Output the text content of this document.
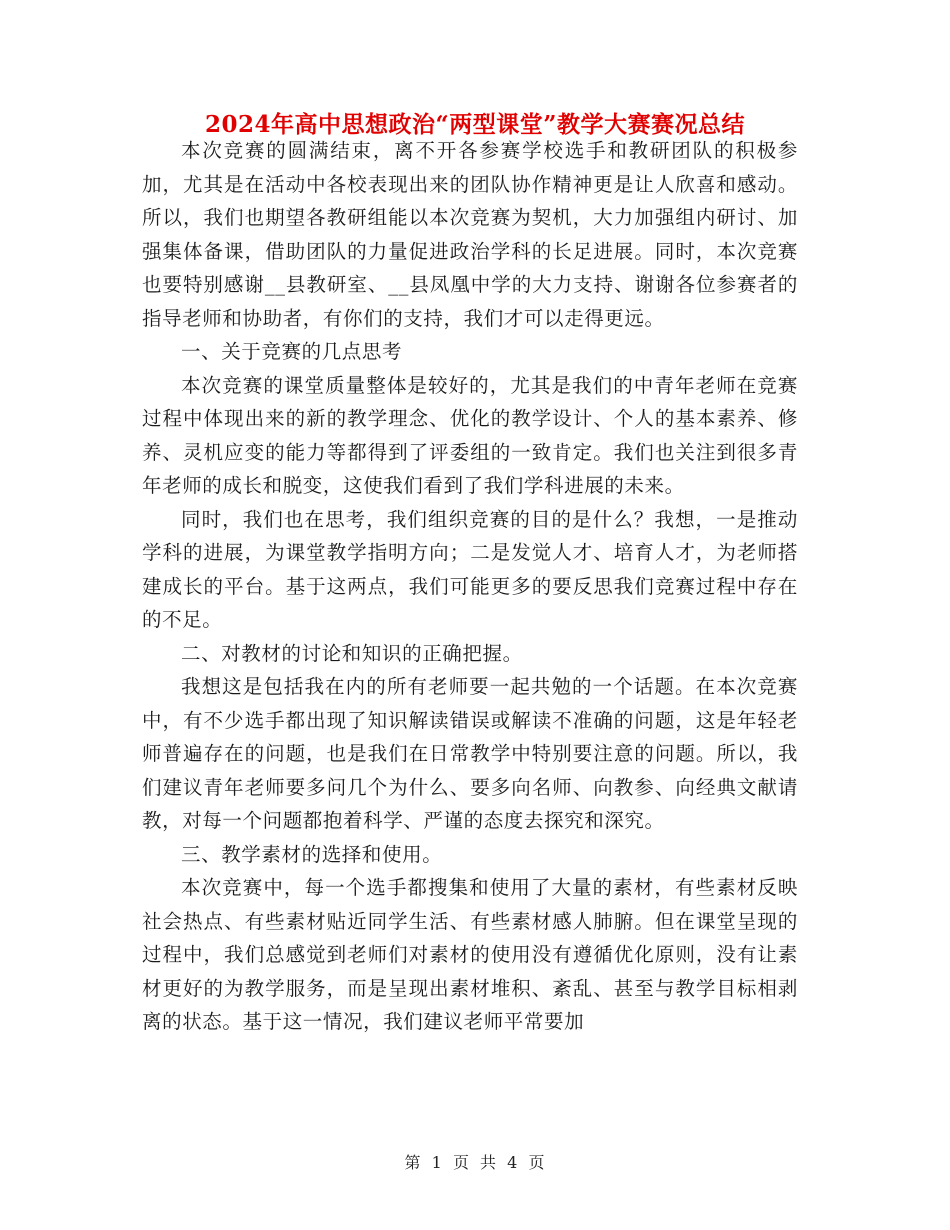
2024年高中思想政治“两型课堂”教学大赛赛况总结

本次竞赛的圆满结束，离不开各参赛学校选手和教研团队的积极参加，尤其是在活动中各校表现出来的团队协作精神更是让人欣喜和感动。所以，我们也期望各教研组能以本次竞赛为契机，大力加强组内研讨、加强集体备课，借助团队的力量促进政治学科的长足进展。同时，本次竞赛也要特别感谢__县教研室、__县凤凰中学的大力支持、谢谢各位参赛者的指导老师和协助者，有你们的支持，我们才可以走得更远。

一、关于竞赛的几点思考

本次竞赛的课堂质量整体是较好的，尤其是我们的中青年老师在竞赛过程中体现出来的新的教学理念、优化的教学设计、个人的基本素养、修养、灵机应变的能力等都得到了评委组的一致肯定。我们也关注到很多青年老师的成长和脱变，这使我们看到了我们学科进展的未来。

同时，我们也在思考，我们组织竞赛的目的是什么？我想，一是推动学科的进展，为课堂教学指明方向；二是发觉人才、培育人才，为老师搭建成长的平台。基于这两点，我们可能更多的要反思我们竞赛过程中存在的不足。

二、对教材的讨论和知识的正确把握。

我想这是包括我在内的所有老师要一起共勉的一个话题。在本次竞赛中，有不少选手都出现了知识解读错误或解读不准确的问题，这是年轻老师普遍存在的问题，也是我们在日常教学中特别要注意的问题。所以，我们建议青年老师要多问几个为什么、要多向名师、向教参、向经典文献请教，对每一个问题都抱着科学、严谨的态度去探究和深究。

三、教学素材的选择和使用。

本次竞赛中，每一个选手都搜集和使用了大量的素材，有些素材反映社会热点、有些素材贴近同学生活、有些素材感人肺腑。但在课堂呈现的过程中，我们总感觉到老师们对素材的使用没有遵循优化原则，没有让素材更好的为教学服务，而是呈现出素材堆积、紊乱、甚至与教学目标相剥离的状态。基于这一情况，我们建议老师平常要加

第 1 页 共 4 页
